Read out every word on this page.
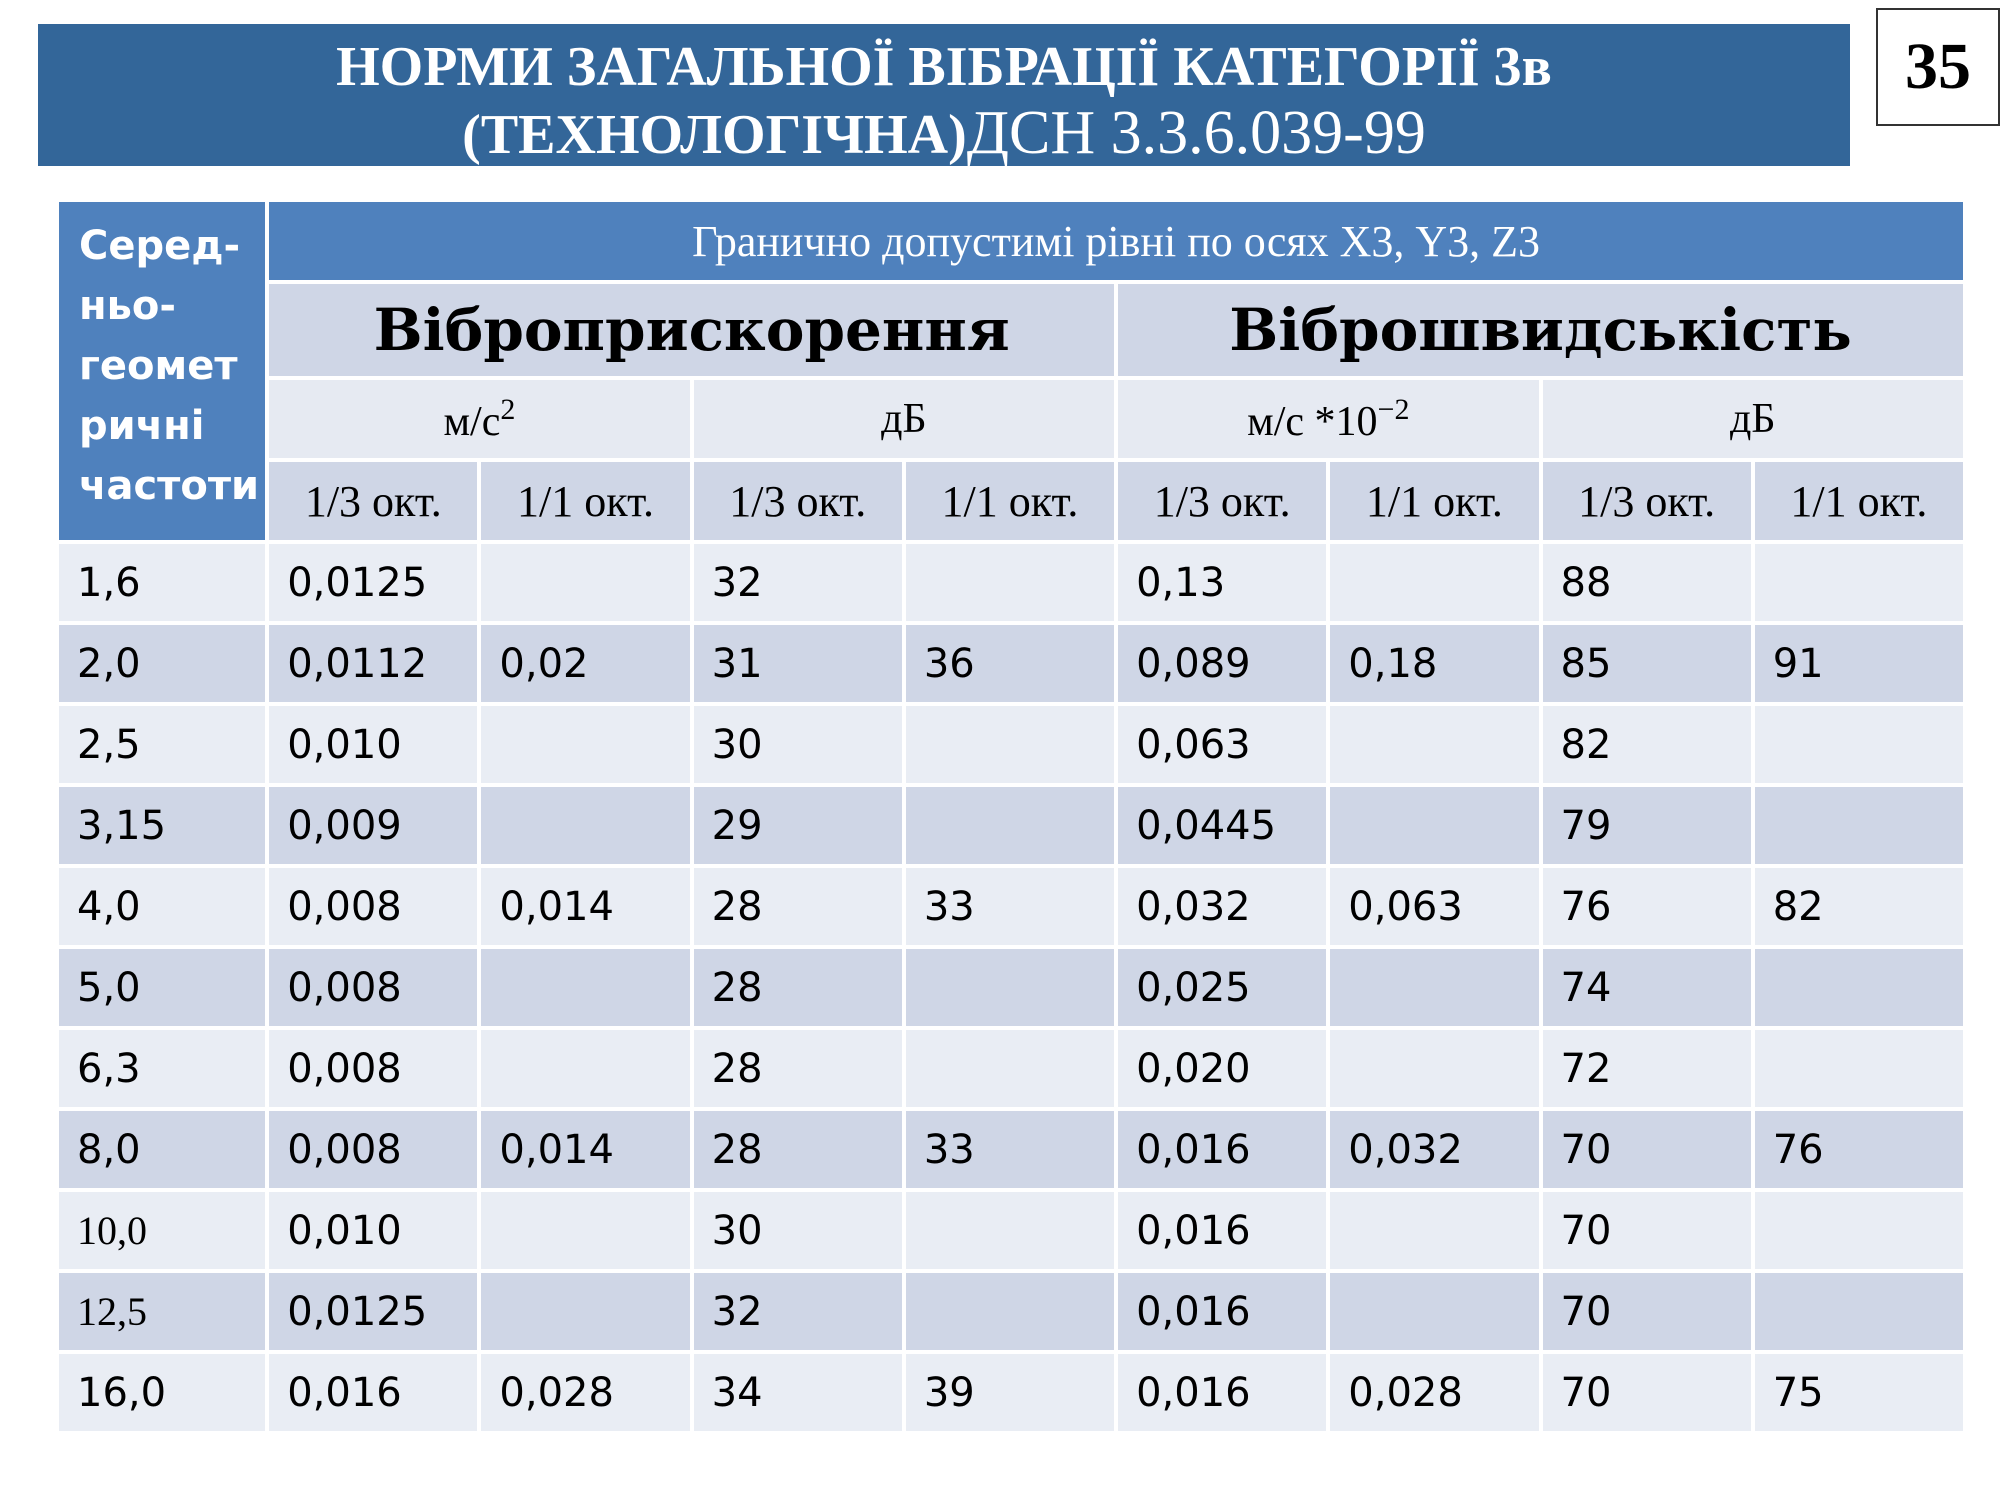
НОРМИ ЗАГАЛЬНОЇ ВІБРАЦІЇ КАТЕГОРІЇ 3в
(ТЕХНОЛОГІЧНА)ДСН 3.3.6.039-99
35
Серед-
ньо-
геомет
ричні
частоти	Гранично допустимі рівні по осях Х3, Y3, Z3							
	Віброприскорення				Віброшвидськість			
	$м/с^2$		дБ		м/с $*10^{-2}$		дБ	
	1/3 окт.	1/1 окт.	1/3 окт.	1/1 окт.	1/3 окт.	1/1 окт.	1/3 окт.	1/1 окт.
1,6	0,0125		32		0,13		88	
2,0	0,0112	0,02	31	36	0,089	0,18	85	91
2,5	0,010		30		0,063		82	
3,15	0,009		29		0,0445		79	
4,0	0,008	0,014	28	33	0,032	0,063	76	82
5,0	0,008		28		0,025		74	
6,3	0,008		28		0,020		72	
8,0	0,008	0,014	28	33	0,016	0,032	70	76
10,0	0,010		30		0,016		70	
12,5	0,0125		32		0,016		70	
16,0	0,016	0,028	34	39	0,016	0,028	70	75
